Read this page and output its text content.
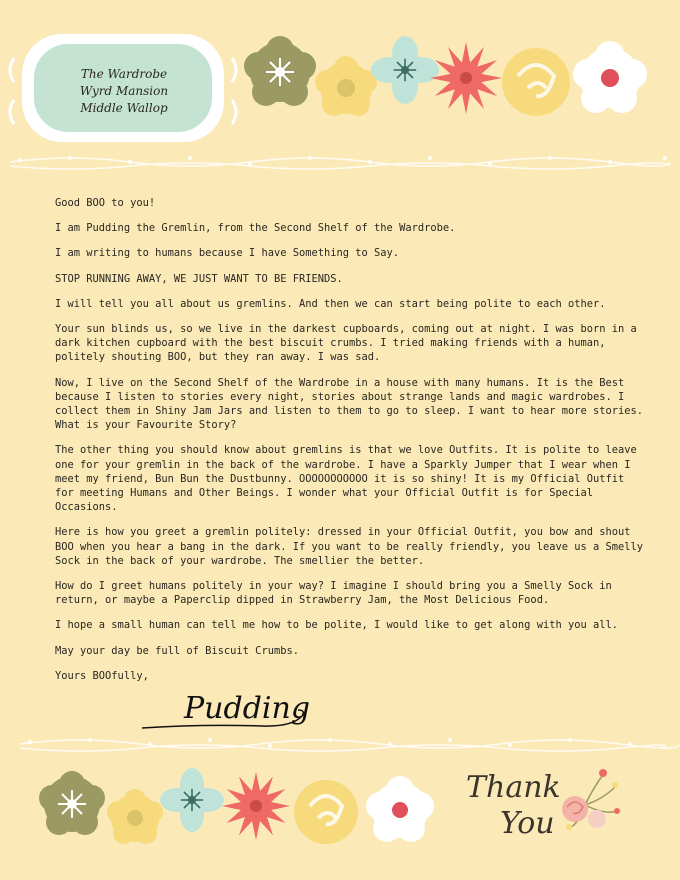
The Wardrobe
Wyrd Mansion
Middle Wallop

Good BOO to you!

I am Pudding the Gremlin, from the Second Shelf of the Wardrobe.

I am writing to humans because I have Something to Say.

STOP RUNNING AWAY, WE JUST WANT TO BE FRIENDS.

I will tell you all about us gremlins. And then we can start being polite to each other.

Your sun blinds us, so we live in the darkest cupboards, coming out at night. I was born in a dark kitchen cupboard with the best biscuit crumbs. I tried making friends with a human, politely shouting BOO, but they ran away. I was sad.

Now, I live on the Second Shelf of the Wardrobe in a house with many humans. It is the Best because I listen to stories every night, stories about strange lands and magic wardrobes. I collect them in Shiny Jam Jars and listen to them to go to sleep. I want to hear more stories. What is your Favourite Story?

The other thing you should know about gremlins is that we love Outfits. It is polite to leave one for your gremlin in the back of the wardrobe. I have a Sparkly Jumper that I wear when I meet my friend, Bun Bun the Dustbunny. OOOOOOOOOOO it is so shiny! It is my Official Outfit for meeting Humans and Other Beings. I wonder what your Official Outfit is for Special Occasions.

Here is how you greet a gremlin politely: dressed in your Official Outfit, you bow and shout BOO when you hear a bang in the dark. If you want to be really friendly, you leave us a Smelly Sock in the back of your wardrobe. The smellier the better.

How do I greet humans politely in your way? I imagine I should bring you a Smelly Sock in return, or maybe a Paperclip dipped in Strawberry Jam, the Most Delicious Food.

I hope a small human can tell me how to be polite, I would like to get along with you all.

May your day be full of Biscuit Crumbs.

Yours BOOfully,

Pudding
Thank
You
